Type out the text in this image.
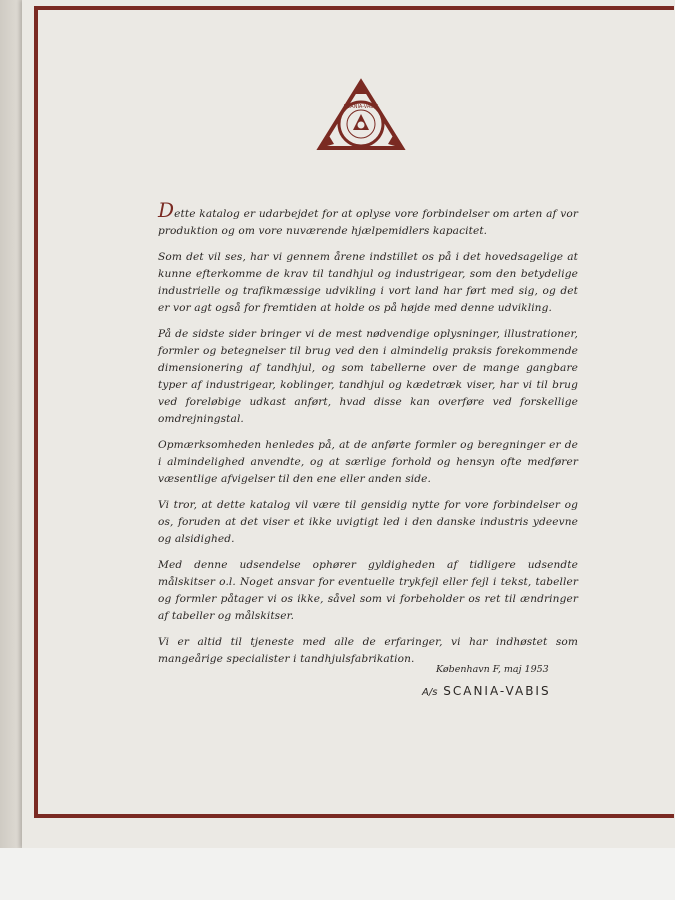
SCANIA-VABIS

Dette katalog er udarbejdet for at oplyse vore forbindelser om arten af vor produktion og om vore nuværende hjælpemidlers kapacitet.

Som det vil ses, har vi gennem årene indstillet os på i det hovedsagelige at kunne efterkomme de krav til tandhjul og industrigear, som den betydelige industrielle og trafikmæssige udvikling i vort land har ført med sig, og det er vor agt også for fremtiden at holde os på højde med denne udvikling.

På de sidste sider bringer vi de mest nødvendige oplysninger, illustrationer, formler og betegnelser til brug ved den i almindelig praksis forekommende dimensionering af tandhjul, og som tabellerne over de mange gangbare typer af industrigear, koblinger, tandhjul og kædetræk viser, har vi til brug ved foreløbige udkast anført, hvad disse kan overføre ved forskellige omdrejningstal.

Opmærksomheden henledes på, at de anførte formler og beregninger er de i almindelighed anvendte, og at særlige forhold og hensyn ofte medfører væsentlige afvigelser til den ene eller anden side.

Vi tror, at dette katalog vil være til gensidig nytte for vore forbindelser og os, foruden at det viser et ikke uvigtigt led i den danske industris ydeevne og alsidighed.

Med denne udsendelse ophører gyldigheden af tidligere udsendte målskitser o.l. Noget ansvar for eventuelle trykfejl eller fejl i tekst, tabeller og formler påtager vi os ikke, såvel som vi forbeholder os ret til ændringer af tabeller og målskitser.

Vi er altid til tjeneste med alle de erfaringer, vi har indhøstet som mangeårige specialister i tandhjulsfabrikation.

København F, maj 1953
A/s SCANIA-VABIS
